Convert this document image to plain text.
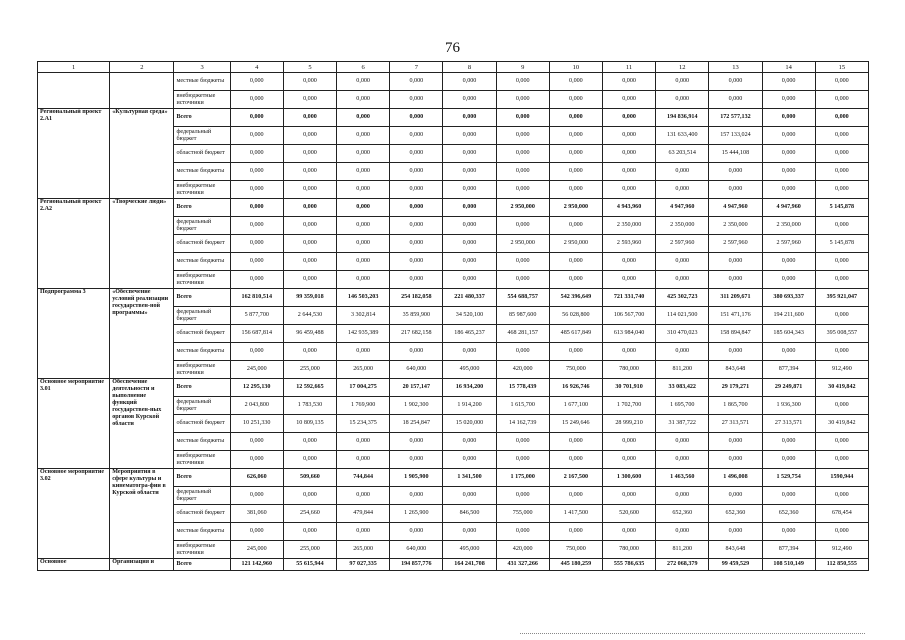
76
1	2	3	4	5	6	7	8	9	10	11	12	13	14	15
		местные бюджеты	0,000	0,000	0,000	0,000	0,000	0,000	0,000	0,000	0,000	0,000	0,000	0,000
		внебюджетные источники	0,000	0,000	0,000	0,000	0,000	0,000	0,000	0,000	0,000	0,000	0,000	0,000
Региональный проект 2.А1	«Культурная среда»	Всего	0,000	0,000	0,000	0,000	0,000	0,000	0,000	0,000	194 836,914	172 577,132	0,000	0,000
		федеральный бюджет	0,000	0,000	0,000	0,000	0,000	0,000	0,000	0,000	131 633,400	157 133,024	0,000	0,000
		областной бюджет	0,000	0,000	0,000	0,000	0,000	0,000	0,000	0,000	63 203,514	15 444,108	0,000	0,000
		местные бюджеты	0,000	0,000	0,000	0,000	0,000	0,000	0,000	0,000	0,000	0,000	0,000	0,000
		внебюджетные источники	0,000	0,000	0,000	0,000	0,000	0,000	0,000	0,000	0,000	0,000	0,000	0,000
Региональный проект 2.А2	«Творческие люди»	Всего	0,000	0,000	0,000	0,000	0,000	2 950,000	2 950,000	4 943,960	4 947,960	4 947,960	4 947,960	5 145,878
		федеральный бюджет	0,000	0,000	0,000	0,000	0,000	0,000	0,000	2 350,000	2 350,000	2 350,000	2 350,000	0,000
		областной бюджет	0,000	0,000	0,000	0,000	0,000	2 950,000	2 950,000	2 593,960	2 597,960	2 597,960	2 597,960	5 145,878
		местные бюджеты	0,000	0,000	0,000	0,000	0,000	0,000	0,000	0,000	0,000	0,000	0,000	0,000
		внебюджетные источники	0,000	0,000	0,000	0,000	0,000	0,000	0,000	0,000	0,000	0,000	0,000	0,000
Подпрограмма 3	«Обеспечение условий реализации государствен-ной программы»	Всего	162 810,514	99 359,018	146 503,203	254 182,058	221 480,337	554 688,757	542 396,649	721 331,740	425 302,723	311 209,671	380 693,337	395 921,047
		федеральный бюджет	5 877,700	2 644,530	3 302,814	35 859,900	34 520,100	85 987,600	56 028,800	106 567,700	114 021,500	151 471,176	194 211,600	0,000
		областной бюджет	156 687,814	96 459,488	142 935,389	217 682,158	186 465,237	468 281,157	485 617,849	613 984,040	310 470,023	158 894,847	185 604,343	395 008,557
		местные бюджеты	0,000	0,000	0,000	0,000	0,000	0,000	0,000	0,000	0,000	0,000	0,000	0,000
		внебюджетные источники	245,000	255,000	265,000	640,000	495,000	420,000	750,000	780,000	811,200	843,648	877,394	912,490
Основное мероприятие 3.01	Обеспечение деятельности и выполнение функций государствен-ных органов Курской области	Всего	12 295,130	12 592,665	17 004,275	20 157,147	16 934,200	15 778,439	16 926,746	30 701,910	33 083,422	29 179,271	29 249,871	30 419,842
		федеральный бюджет	2 043,800	1 783,530	1 769,900	1 902,300	1 914,200	1 615,700	1 677,100	1 702,700	1 695,700	1 865,700	1 936,300	0,000
		областной бюджет	10 251,330	10 809,135	15 234,375	18 254,847	15 020,000	14 162,739	15 249,646	28 999,210	31 387,722	27 313,571	27 313,571	30 419,842
		местные бюджеты	0,000	0,000	0,000	0,000	0,000	0,000	0,000	0,000	0,000	0,000	0,000	0,000
		внебюджетные источники	0,000	0,000	0,000	0,000	0,000	0,000	0,000	0,000	0,000	0,000	0,000	0,000
Основное мероприятие 3.02	Мероприятия в сфере культуры и кинематогра-фии в Курской области	Всего	626,060	509,660	744,844	1 905,900	1 341,500	1 175,000	2 167,500	1 300,600	1 463,560	1 496,008	1 529,754	1590,944
		федеральный бюджет	0,000	0,000	0,000	0,000	0,000	0,000	0,000	0,000	0,000	0,000	0,000	0,000
		областной бюджет	381,060	254,660	479,844	1 265,900	846,500	755,000	1 417,500	520,600	652,360	652,360	652,360	678,454
		местные бюджеты	0,000	0,000	0,000	0,000	0,000	0,000	0,000	0,000	0,000	0,000	0,000	0,000
		внебюджетные источники	245,000	255,000	265,000	640,000	495,000	420,000	750,000	780,000	811,200	843,648	877,394	912,490
Основное	Организация и	Всего	121 142,960	55 615,944	97 027,335	194 857,776	164 241,708	431 327,266	445 180,259	555 786,635	272 068,379	99 459,529	108 510,149	112 850,555
